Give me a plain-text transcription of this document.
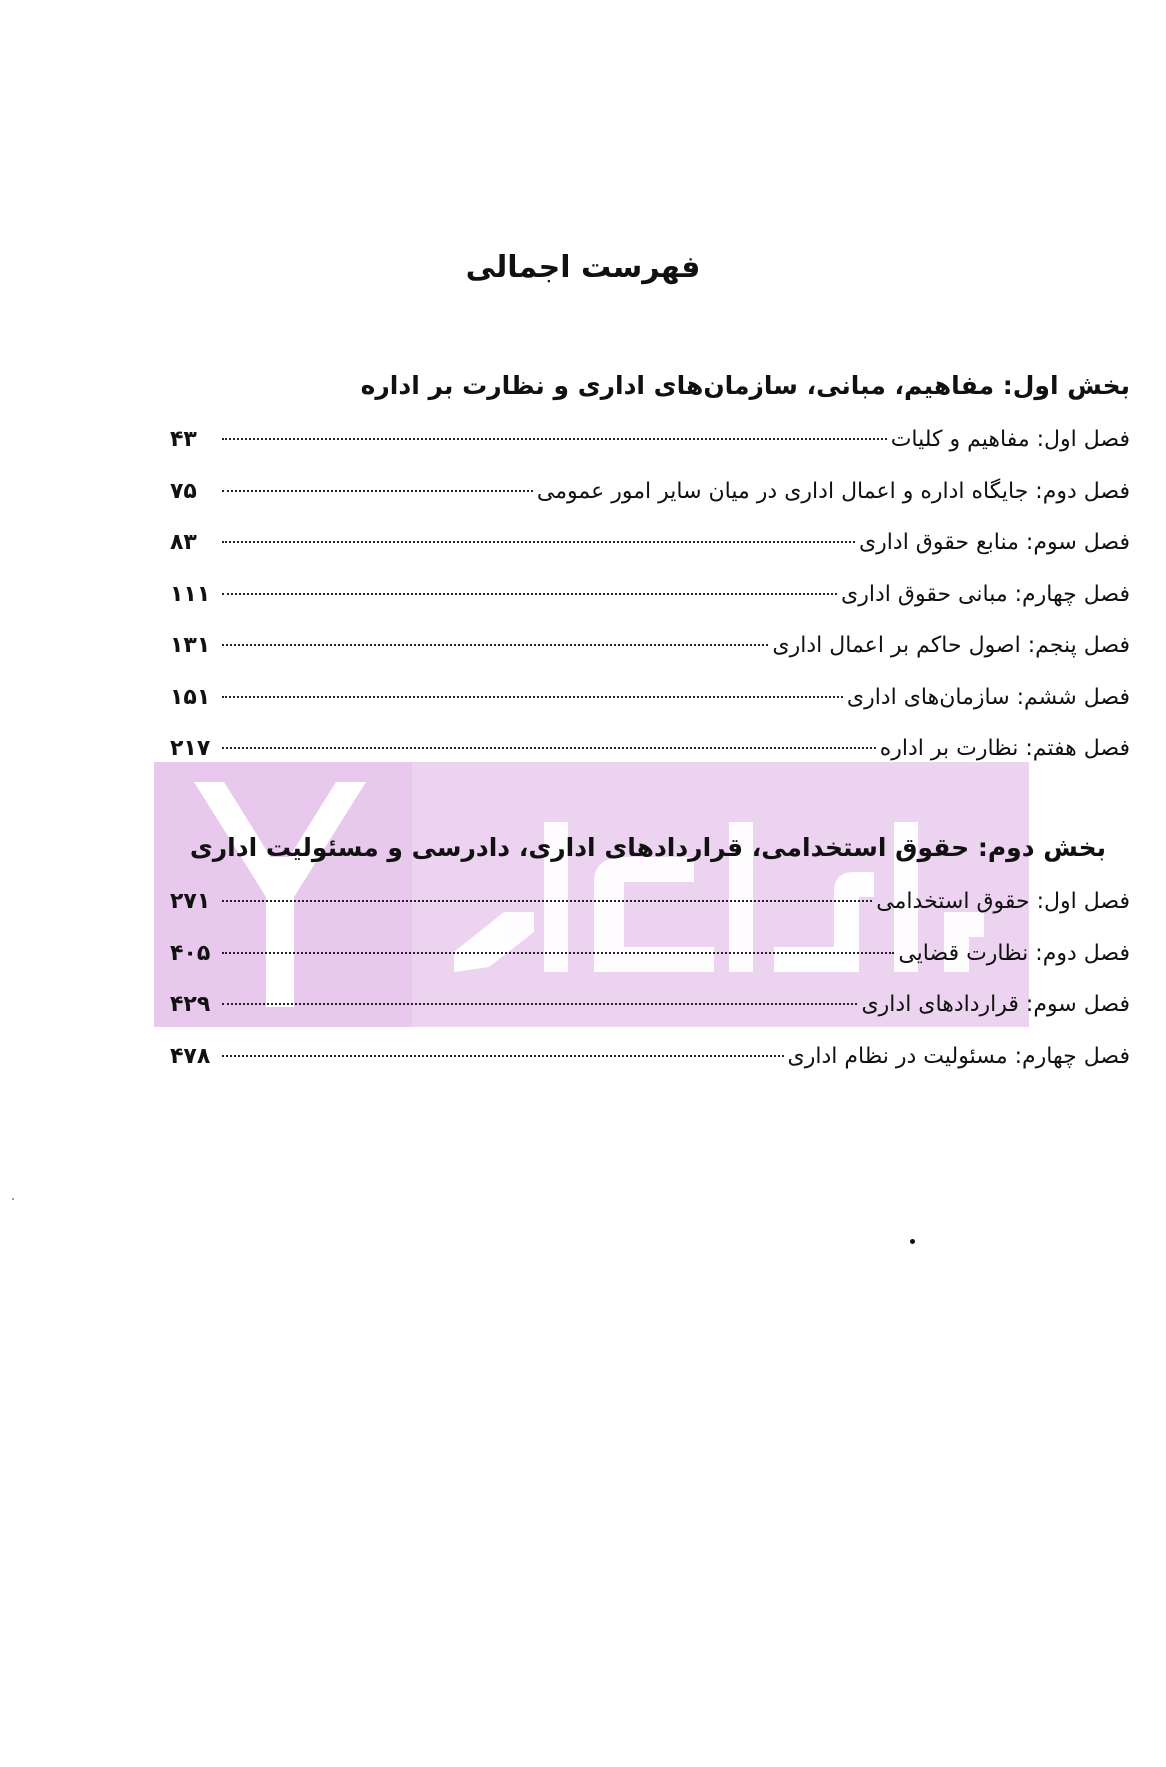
فهرست اجمالی
بخش اول: مفاهیم، مبانی، سازمان‌های اداری و نظارت بر اداره
فصل اول: مفاهیم و کلیات
۴۳
فصل دوم: جایگاه اداره و اعمال اداری در میان سایر امور عمومی
۷۵
فصل سوم: منابع حقوق اداری
۸۳
فصل چهارم: مبانی حقوق اداری
۱۱۱
فصل پنجم: اصول حاکم بر اعمال اداری
۱۳۱
فصل ششم: سازمان‌های اداری
۱۵۱
فصل هفتم: نظارت بر اداره
۲۱۷
بخش دوم: حقوق استخدامی، قراردادهای اداری، دادرسی و مسئولیت اداری
فصل اول: حقوق استخدامی
۲۷۱
فصل دوم: نظارت قضایی
۴۰۵
فصل سوم: قراردادهای اداری
۴۲۹
فصل چهارم: مسئولیت در نظام اداری
۴۷۸
